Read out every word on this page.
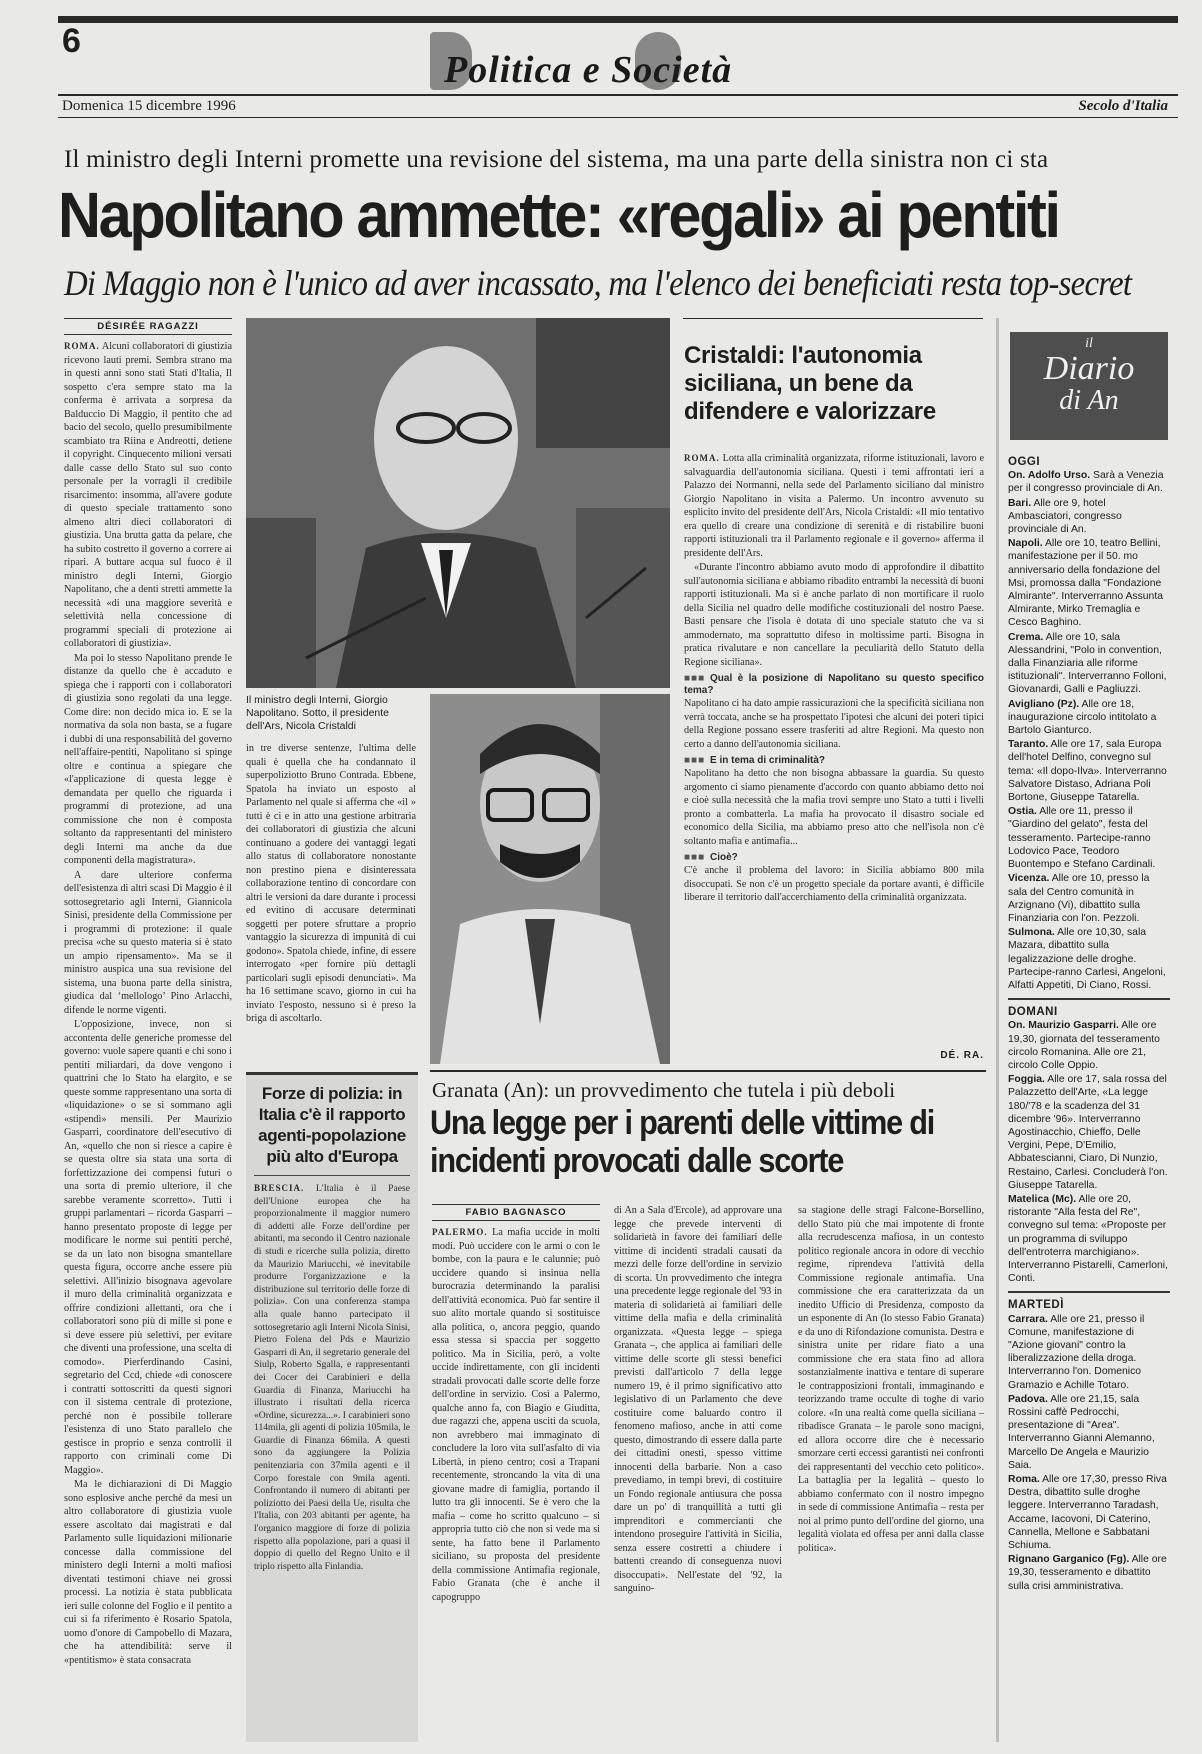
6
Politica e Società
Domenica 15 dicembre 1996	Secolo d'Italia
Il ministro degli Interni promette una revisione del sistema, ma una parte della sinistra non ci sta
Napolitano ammette: «regali» ai pentiti
Di Maggio non è l'unico ad aver incassato, ma l'elenco dei beneficiati resta top-secret
DÉSIRÉE RAGAZZI

ROMA. Alcuni collaboratori di giustizia ricevono lauti premi. Sembra strano ma in questi anni sono stati Stati d'Italia, Il sospetto c'era sempre stato ma la conferma è arrivata a sorpresa da Balduccio Di Maggio, il pentito che ad bacio del secolo, quello presumibilmente scambiato tra Riina e Andreotti, detiene il copyright. Cinquecento milioni versati dalle casse dello Stato sul suo conto personale per la vorragli il credibile risarcimento: insomma, all'avere godute di questo speciale trattamento sono almeno altri dieci collaboratori di giustizia. Una brutta gatta da pelare, che ha subito costretto il governo a correre ai ripari. A buttare acqua sul fuoco è il ministro degli Interni, Giorgio Napolitano, che a denti stretti ammette la necessità «di una maggiore severità e selettività nella concessione di programmi speciali di protezione ai collaboratori di giustizia».

Ma poi lo stesso Napolitano prende le distanze da quello che è accaduto e spiega che i rapporti con i collaboratori di giustizia sono regolati da una legge. Come dire: non decido mica io. E se la normativa da sola non basta, se a fugare i dubbi di una responsabilità del governo nell'affaire-pentiti, Napolitano si spinge oltre e continua a spiegare che «l'applicazione di questa legge è demandata per quello che riguarda i programmi di protezione, ad una commissione che non è composta soltanto da rappresentanti del ministero degli Interni ma anche da due componenti della magistratura».

A dare ulteriore conferma dell'esistenza di altri scasi Di Maggio è il sottosegretario agli Interni, Giannicola Sinisi, presidente della Commissione per i programmi di protezione: il quale precisa «che su questo materia si è stato un ampio ripensamento». Ma se il ministro auspica una sua revisione del sistema, una buona parte della sinistra, giudica dal ‘mellologo’ Pino Arlacchi, difende le norme vigenti.

L'opposizione, invece, non si accontenta delle generiche promesse del governo: vuole sapere quanti e chi sono i pentiti miliardari, da dove vengono i quattrini che lo Stato ha elargito, e se queste somme rappresentano una sorta di «liquidazione» o se si sommano agli «stipendi» mensili. Per Maurizio Gasparri, coordinatore dell'esecutivo di An, «quello che non si riesce a capire è se questa oltre sia stata una sorta di forfettizzazione dei compensi futuri o una sorta di premio ulteriore, il che sarebbe veramente scorretto». Tutti i gruppi parlamentari – ricorda Gasparri – hanno presentato proposte di legge per modificare le norme sui pentiti perché, se da un lato non bisogna smantellare questa figura, occorre anche essere più selettivi. All'inizio bisognava agevolare il muro della criminalità organizzata e offrire condizioni allettanti, ora che i collaboratori sono più di mille si pone e si deve essere più selettivi, per evitare che diventi una professione, una scelta di comodo». Pierferdinando Casini, segretario del Ccd, chiede «di conoscere i contratti sottoscritti da questi signori con il sistema centrale di protezione, perché non è possibile tollerare l'esistenza di uno Stato parallelo che gestisce in proprio e senza controlli il rapporto con criminali come Di Maggio».

Ma le dichiarazioni di Di Maggio sono esplosive anche perché da mesi un altro collaboratore di giustizia vuole essere ascoltato dai magistrati e dal Parlamento sulle liquidazioni milionarie concesse dalla commissione del ministero degli Interni a molti mafiosi diventati testimoni chiave nei grossi processi. La notizia è stata pubblicata ieri sulle colonne del Foglio e il pentito a cui si fa riferimento è Rosario Spatola, uomo d'onore di Campobello di Mazara, che ha attendibilità: serve il «pentitismo» è stata consacrata

Il ministro degli Interni, Giorgio Napolitano. Sotto, il presidente dell'Ars, Nicola Cristaldi

in tre diverse sentenze, l'ultima delle quali è quella che ha condannato il superpoliziotto Bruno Contrada. Ebbene, Spatola ha inviato un esposto al Parlamento nel quale si afferma che «il » tutti è ci e in atto una gestione arbitraria dei collaboratori di giustizia che alcuni continuano a godere dei vantaggi legati allo status di collaboratore nonostante non prestino piena e disinteressata collaborazione tentino di concordare con altri le versioni da dare durante i processi ed evitino di accusare determinati soggetti per potere sfruttare a proprio vantaggio la sicurezza di impunità di cui godono». Spatola chiede, infine, di essere interrogato «per fornire più dettagli particolari sugli episodi denunciati». Ma ha 16 settimane scavo, giorno in cui ha inviato l'esposto, nessuno si è preso la briga di ascoltarlo.

Cristaldi: l'autonomia siciliana, un bene da difendere e valorizzare

ROMA. Lotta alla criminalità organizzata, riforme istituzionali, lavoro e salvaguardia dell'autonomia siciliana. Questi i temi affrontati ieri a Palazzo dei Normanni, nella sede del Parlamento siciliano dal ministro Giorgio Napolitano in visita a Palermo. Un incontro avvenuto su esplicito invito del presidente dell'Ars, Nicola Cristaldi: «Il mio tentativo era quello di creare una condizione di serenità e di ristabilire buoni rapporti istituzionali tra il Parlamento regionale e il governo» afferma il presidente dell'Ars.

«Durante l'incontro abbiamo avuto modo di approfondire il dibattito sull'autonomia siciliana e abbiamo ribadito entrambi la necessità di buoni rapporti istituzionali. Ma si è anche parlato di non mortificare il ruolo della Sicilia nel quadro delle modifiche costituzionali del nostro Paese. Basti pensare che l'isola è dotata di uno speciale statuto che va sì ammodernato, ma soprattutto difeso in moltissime parti. Bisogna in pratica rivalutare e non cancellare la peculiarità dello Statuto della Regione siciliana».

■■■ Qual è la posizione di Napolitano su questo specifico tema?

Napolitano ci ha dato ampie rassicurazioni che la specificità siciliana non verrà toccata, anche se ha prospettato l'ipotesi che alcuni dei poteri tipici della Regione possano essere trasferiti ad altre Regioni. Ma questo non certo a danno dell'autonomia siciliana.

■■■ E in tema di criminalità?

Napolitano ha detto che non bisogna abbassare la guardia. Su questo argomento ci siamo pienamente d'accordo con quanto abbiamo detto noi e cioè sulla necessità che la mafia trovi sempre uno Stato a tutti i livelli pronto a combatterla. La mafia ha provocato il disastro sociale ed economico della Sicilia, ma abbiamo preso atto che nell'isola non c'è soltanto mafia e antimafia...

■■■ Cioè?

C'è anche il problema del lavoro: in Sicilia abbiamo 800 mila disoccupati. Se non c'è un progetto speciale da portare avanti, è difficile liberare il territorio dall'accerchiamento della criminalità organizzata.

DÉ. RA.
il
Diario
di An
OGGI

On. Adolfo Urso. Sarà a Venezia per il congresso provinciale di An.

Bari. Alle ore 9, hotel Ambasciatori, congresso provinciale di An.

Napoli. Alle ore 10, teatro Bellini, manifestazione per il 50. mo anniversario della fondazione del Msi, promossa dalla "Fondazione Almirante". Interverranno Assunta Almirante, Mirko Tremaglia e Cesco Baghino.

Crema. Alle ore 10, sala Alessandrini, "Polo in convention, dalla Finanziaria alle riforme istituzionali". Interverranno Folloni, Giovanardi, Galli e Pagliuzzi.

Avigliano (Pz). Alle ore 18, inaugurazione circolo intitolato a Bartolo Gianturco.

Taranto. Alle ore 17, sala Europa dell'hotel Delfino, convegno sul tema: «Il dopo-Ilva». Interverranno Salvatore Distaso, Adriana Poli Bortone, Giuseppe Tatarella.

Ostia. Alle ore 11, presso il "Giardino del gelato", festa del tesseramento. Partecipe-ranno Lodovico Pace, Teodoro Buontempo e Stefano Cardinali.

Vicenza. Alle ore 10, presso la sala del Centro comunità in Arzignano (Vi), dibattito sulla Finanziaria con l'on. Pezzoli.

Sulmona. Alle ore 10,30, sala Mazara, dibattito sulla legalizzazione delle droghe. Partecipe-ranno Carlesi, Angeloni, Alfatti Appetiti, Di Ciano, Rossi.

DOMANI

On. Maurizio Gasparri. Alle ore 19,30, giornata del tesseramento circolo Romanina. Alle ore 21, circolo Colle Oppio.

Foggia. Alle ore 17, sala rossa del Palazzetto dell'Arte, «La legge 180/'78 e la scadenza del 31 dicembre '96». Interverranno Agostinacchio, Chieffo, Delle Vergini, Pepe, D'Emilio, Abbatescianni, Ciaro, Di Nunzio, Restaino, Carlesi. Concluderà l'on. Giuseppe Tatarella.

Matelica (Mc). Alle ore 20, ristorante "Alla festa del Re", convegno sul tema: «Proposte per un programma di sviluppo dell'entroterra marchigiano». Interverranno Pistarelli, Camerloni, Conti.

MARTEDÌ

Carrara. Alle ore 21, presso il Comune, manifestazione di "Azione giovani" contro la liberalizzazione della droga. Interverranno l'on. Domenico Gramazio e Achille Totaro.

Padova. Alle ore 21,15, sala Rossini caffè Pedrocchi, presentazione di "Area". Interverranno Gianni Alemanno, Marcello De Angela e Maurizio Saia.

Roma. Alle ore 17,30, presso Riva Destra, dibattito sulle droghe leggere. Interverranno Taradash, Accame, Iacovoni, Di Caterino, Cannella, Mellone e Sabbatani Schiuma.

Rignano Garganico (Fg). Alle ore 19,30, tesseramento e dibattito sulla crisi amministrativa.

Forze di polizia: in Italia c'è il rapporto agenti-popolazione più alto d'Europa
BRESCIA. L'Italia è il Paese dell'Unione europea che ha proporzionalmente il maggior numero di addetti alle Forze dell'ordine per abitanti, ma secondo il Centro nazionale di studi e ricerche sulla polizia, diretto da Maurizio Mariucchi, «è inevitabile produrre l'organizzazione e la distribuzione sul territorio delle forze di polizia». Con una conferenza stampa alla quale hanno partecipato il sottosegretario agli Interni Nicola Sinisi, Pietro Folena del Pds e Maurizio Gasparri di An, il segretario generale del Siulp, Roberto Sgalla, e rappresentanti dei Cocer dei Carabinieri e della Guardia di Finanza, Mariucchi ha illustrato i risultati della ricerca «Ordine, sicurezza...». I carabinieri sono 114mila, gli agenti di polizia 105mila, le Guardie di Finanza 66mila. A questi sono da aggiungere la Polizia penitenziaria con 37mila agenti e il Corpo forestale con 9mila agenti. Confrontando il numero di abitanti per poliziotto dei Paesi della Ue, risulta che l'Italia, con 203 abitanti per agente, ha l'organico maggiore di forze di polizia rispetto alla popolazione, pari a quasi il doppio di quello del Regno Unito e il triplo rispetto alla Finlandia.
Granata (An): un provvedimento che tutela i più deboli
Una legge per i parenti delle vittime di incidenti provocati dalle scorte
FABIO BAGNASCO

PALERMO. La mafia uccide in molti modi. Può uccidere con le armi o con le bombe, con la paura e le calunnie; può uccidere quando si insinua nella burocrazia determinando la paralisi dell'attività economica. Può far sentire il suo alito mortale quando si sostituisce alla politica, o, ancora peggio, quando essa stessa si spaccia per soggetto politico. Ma in Sicilia, però, a volte uccide indirettamente, con gli incidenti stradali provocati dalle scorte delle forze dell'ordine in servizio. Così a Palermo, qualche anno fa, con Biagio e Giuditta, due ragazzi che, appena usciti da scuola, non avrebbero mai immaginato di concludere la loro vita sull'asfalto di via Libertà, in pieno centro; così a Trapani recentemente, stroncando la vita di una giovane madre di famiglia, portando il lutto tra gli innocenti. Se è vero che la mafia – come ho scritto qualcuno – si appropria tutto ciò che non si vede ma si sente, ha fatto bene il Parlamento siciliano, su proposta del presidente della commissione Antimafia regionale, Fabio Granata (che è anche il capogruppo

di An a Sala d'Ercole), ad approvare una legge che prevede interventi di solidarietà in favore dei familiari delle vittime di incidenti stradali causati da mezzi delle forze dell'ordine in servizio di scorta. Un provvedimento che integra una precedente legge regionale del '93 in materia di solidarietà ai familiari delle vittime della mafia e della criminalità organizzata. «Questa legge – spiega Granata –, che applica ai familiari delle vittime delle scorte gli stessi benefici previsti dall'articolo 7 della legge numero 19, è il primo significativo atto legislativo di un Parlamento che deve costituire come baluardo contro il fenomeno mafioso, anche in atti come questo, dimostrando di essere dalla parte dei cittadini onesti, spesso vittime innocenti della barbarie. Non a caso prevediamo, in tempi brevi, di costituire un Fondo regionale antiusura che possa dare un po' di tranquillità a tutti gli imprenditori e commercianti che intendono proseguire l'attività in Sicilia, senza essere costretti a chiudere i battenti creando di conseguenza nuovi disoccupati». Nell'estate del '92, la sanguino-

sa stagione delle stragi Falcone-Borsellino, dello Stato più che mai impotente di fronte alla recrudescenza mafiosa, in un contesto politico regionale ancora in odore di vecchio regime, riprendeva l'attività della Commissione regionale antimafia. Una commissione che era caratterizzata da un inedito Ufficio di Presidenza, composto da un esponente di An (lo stesso Fabio Granata) e da uno di Rifondazione comunista. Destra e sinistra unite per ridare fiato a una commissione che era stata fino ad allora sostanzialmente inattiva e tentare di superare le contrapposizioni frontali, immaginando e teorizzando trame occulte di toghe di vario colore. «In una realtà come quella siciliana – ribadisce Granata – le parole sono macigni, ed allora occorre dire che è necessario smorzare certi eccessi garantisti nei confronti dei rappresentanti del vecchio ceto politico». La battaglia per la legalità – questo lo abbiamo confermato con il nostro impegno in sede di commissione Antimafia – resta per noi al primo punto dell'ordine del giorno, una legalità violata ed offesa per anni dalla classe politica».
